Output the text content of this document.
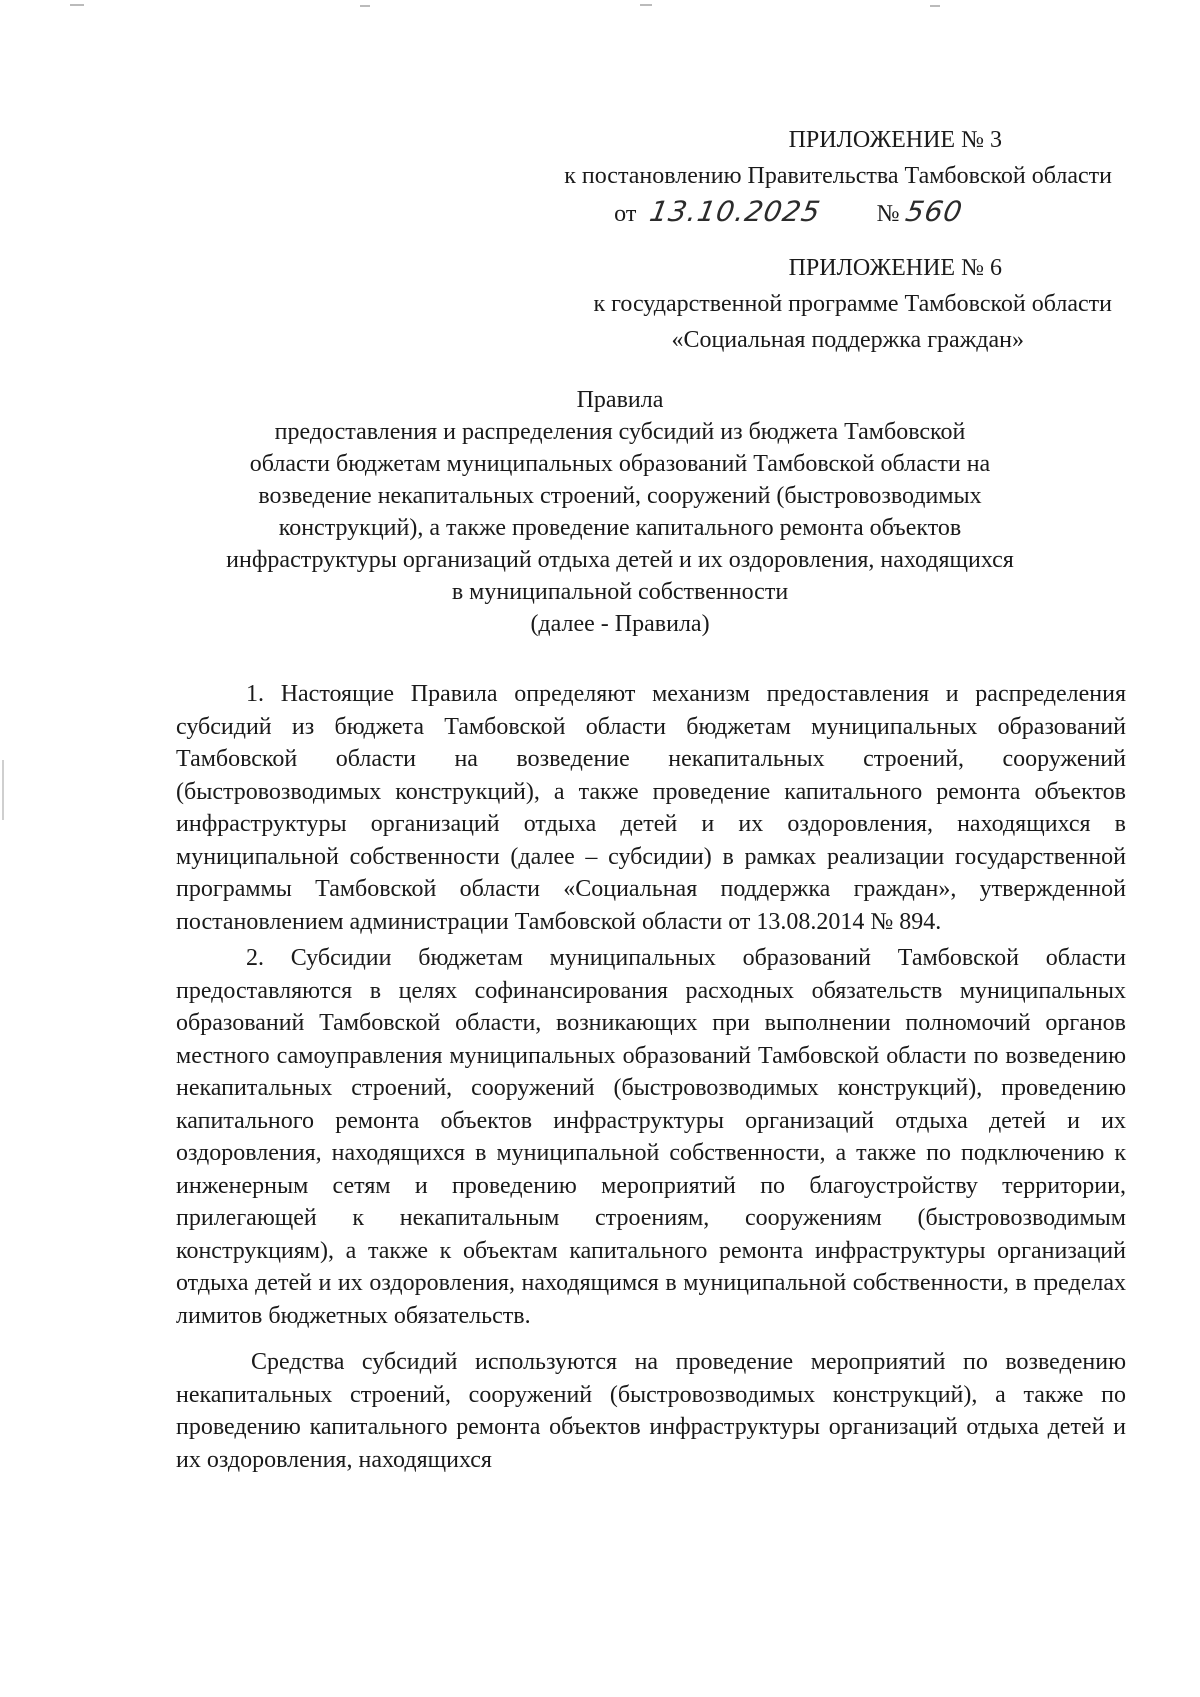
ПРИЛОЖЕНИЕ № 3
к постановлению Правительства Тамбовской области
от 13.10.2025 № 560
ПРИЛОЖЕНИЕ № 6
к государственной программе Тамбовской области
«Социальная поддержка граждан»
Правила
предоставления и распределения субсидий из бюджета Тамбовской
области бюджетам муниципальных образований Тамбовской области на
возведение некапитальных строений, сооружений (быстровозводимых
конструкций), а также проведение капитального ремонта объектов
инфраструктуры организаций отдыха детей и их оздоровления, находящихся
в муниципальной собственности
(далее - Правила)

1. Настоящие Правила определяют механизм предоставления и распределения субсидий из бюджета Тамбовской области бюджетам муниципальных образований Тамбовской области на возведение некапитальных строений, сооружений (быстровозводимых конструкций), а также проведение капитального ремонта объектов инфраструктуры организаций отдыха детей и их оздоровления, находящихся в муниципальной собственности (далее – субсидии) в рамках реализации государственной программы Тамбовской области «Социальная поддержка граждан», утвержденной постановлением администрации Тамбовской области от 13.08.2014 № 894.

2. Субсидии бюджетам муниципальных образований Тамбовской области предоставляются в целях софинансирования расходных обязательств муниципальных образований Тамбовской области, возникающих при выполнении полномочий органов местного самоуправления муниципальных образований Тамбовской области по возведению некапитальных строений, сооружений (быстровозводимых конструкций), проведению капитального ремонта объектов инфраструктуры организаций отдыха детей и их оздоровления, находящихся в муниципальной собственности, а также по подключению к инженерным сетям и проведению мероприятий по благоустройству территории, прилегающей к некапитальным строениям, сооружениям (быстровозводимым конструкциям), а также к объектам капитального ремонта инфраструктуры организаций отдыха детей и их оздоровления, находящимся в муниципальной собственности, в пределах лимитов бюджетных обязательств.

Средства субсидий используются на проведение мероприятий по возведению некапитальных строений, сооружений (быстровозводимых конструкций), а также по проведению капитального ремонта объектов инфраструктуры организаций отдыха детей и их оздоровления, находящихся
